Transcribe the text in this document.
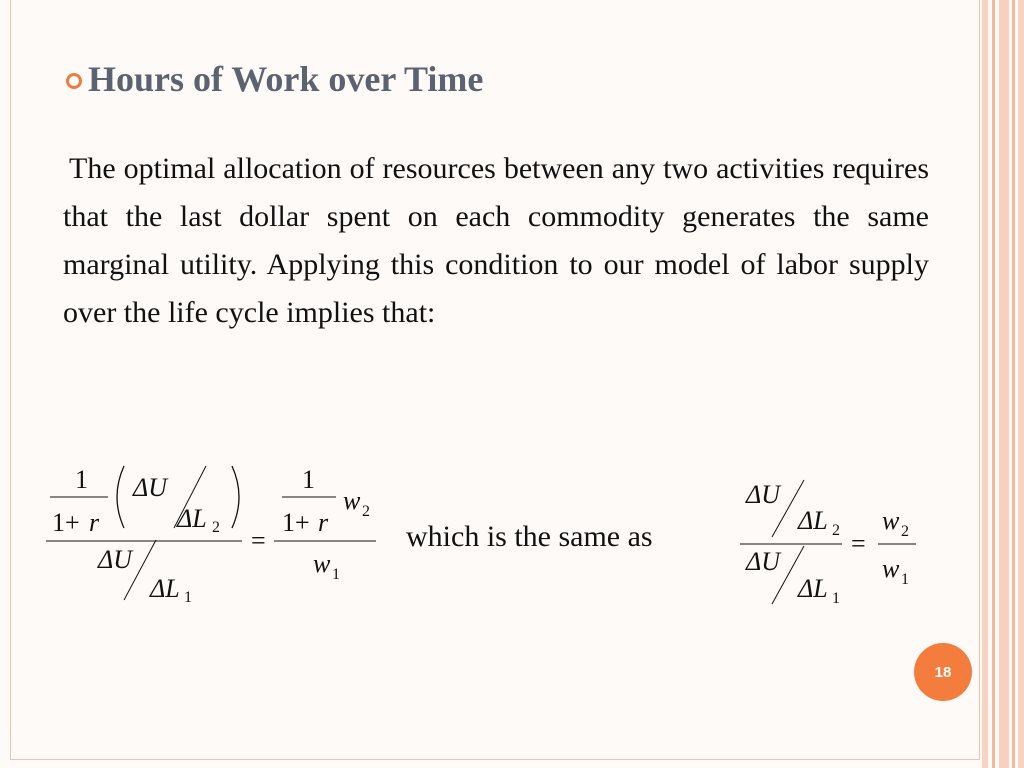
Hours of Work over Time
The optimal allocation of resources between any two activities requires that the last dollar spent on each commodity generates the same marginal utility. Applying this condition to our model of labor supply over the life cycle implies that:
1
1+ r
ΔU
ΔL 2
ΔU
ΔL 1
=
1
1+ r
w 2
w 1
ΔU
ΔL 2
ΔU
ΔL 1
=
w 2
w 1
which is the same as
18
